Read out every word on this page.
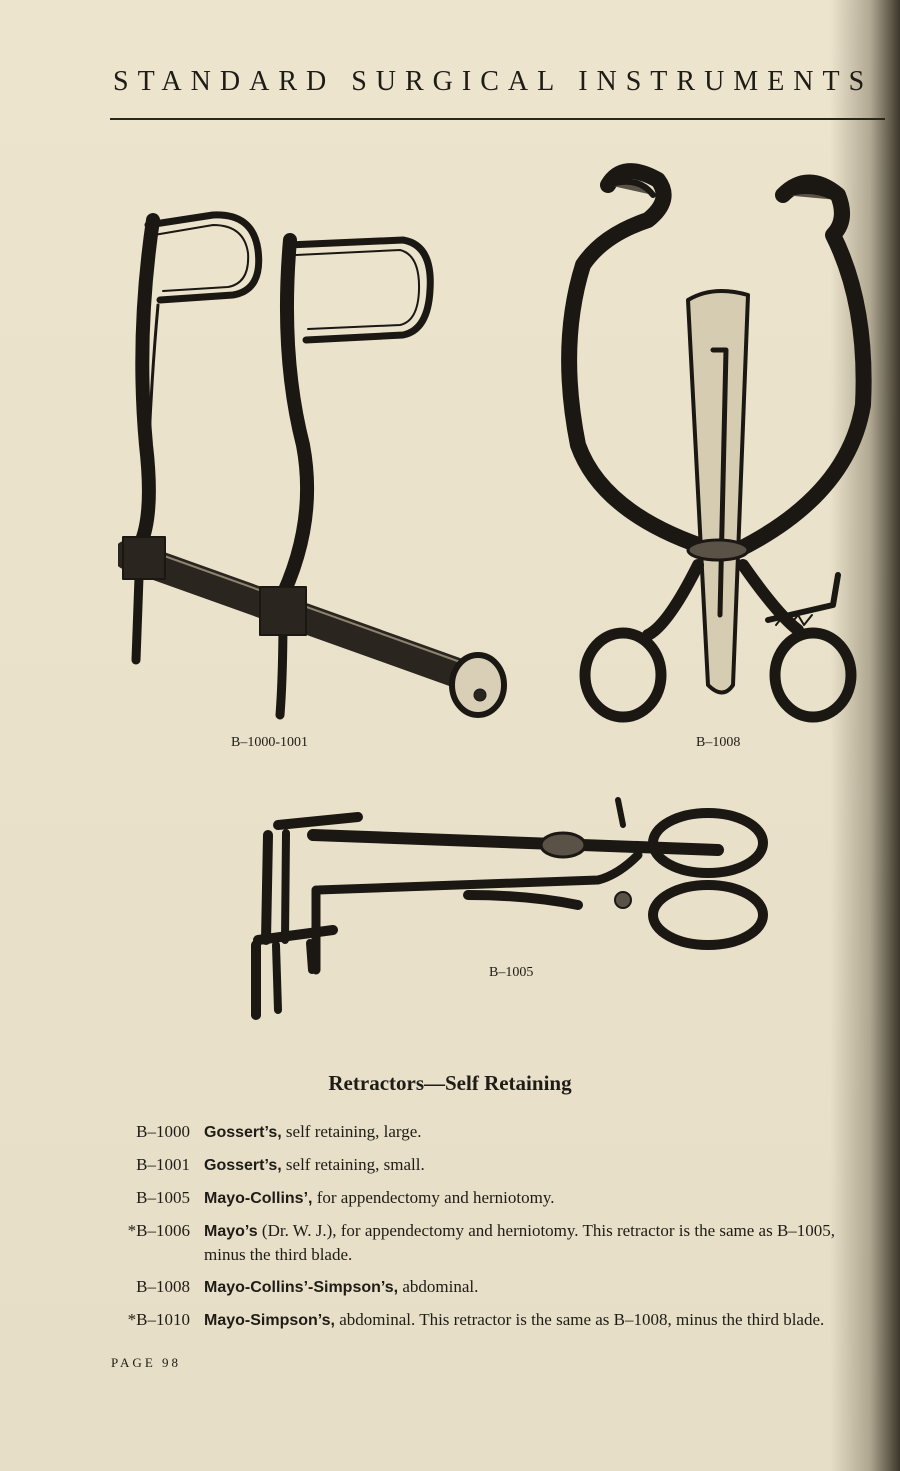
STANDARD SURGICAL INSTRUMENTS
B–1000-1001	B–1008
B–1005
Retractors—Self Retaining
B–1000 Gossert’s, self retaining, large.
B–1001 Gossert’s, self retaining, small.
B–1005 Mayo-Collins’, for appendectomy and herniotomy.
*B–1006 Mayo’s (Dr. W. J.), for appendectomy and herniotomy. This retractor is the same as B–1005, minus the third blade.
B–1008 Mayo-Collins’-Simpson’s, abdominal.
*B–1010 Mayo-Simpson’s, abdominal. This retractor is the same as B–1008, minus the third blade.
PAGE 98
